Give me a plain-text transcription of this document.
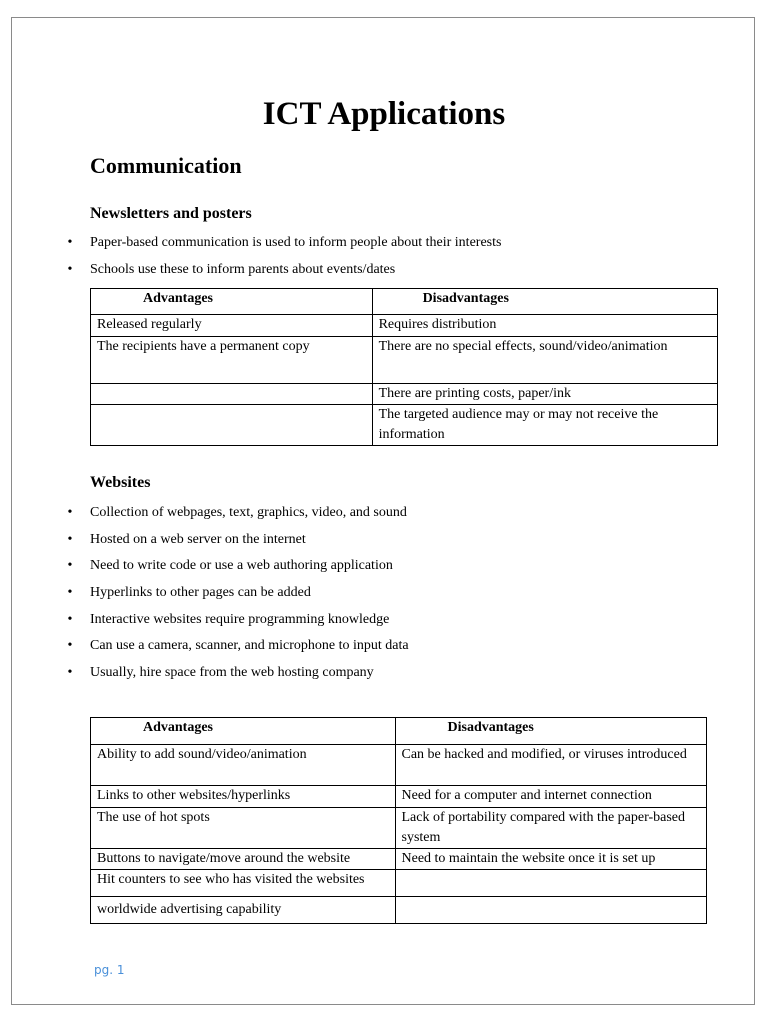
ICT Applications
Communication
Newsletters and posters
• Paper-based communication is used to inform people about their interests
• Schools use these to inform parents about events/dates
Advantages	Disadvantages
Released regularly	Requires distribution
The recipients have a permanent copy	There are no special effects, sound/video/animation
	There are printing costs, paper/ink
	The targeted audience may or may not receive the information
Websites
• Collection of webpages, text, graphics, video, and sound
• Hosted on a web server on the internet
• Need to write code or use a web authoring application
• Hyperlinks to other pages can be added
• Interactive websites require programming knowledge
• Can use a camera, scanner, and microphone to input data
• Usually, hire space from the web hosting company
Advantages	Disadvantages
Ability to add sound/video/animation	Can be hacked and modified, or viruses introduced
Links to other websites/hyperlinks	Need for a computer and internet connection
The use of hot spots	Lack of portability compared with the paper-based system
Buttons to navigate/move around the website	Need to maintain the website once it is set up
Hit counters to see who has visited the websites	
worldwide advertising capability	
pg. 1
